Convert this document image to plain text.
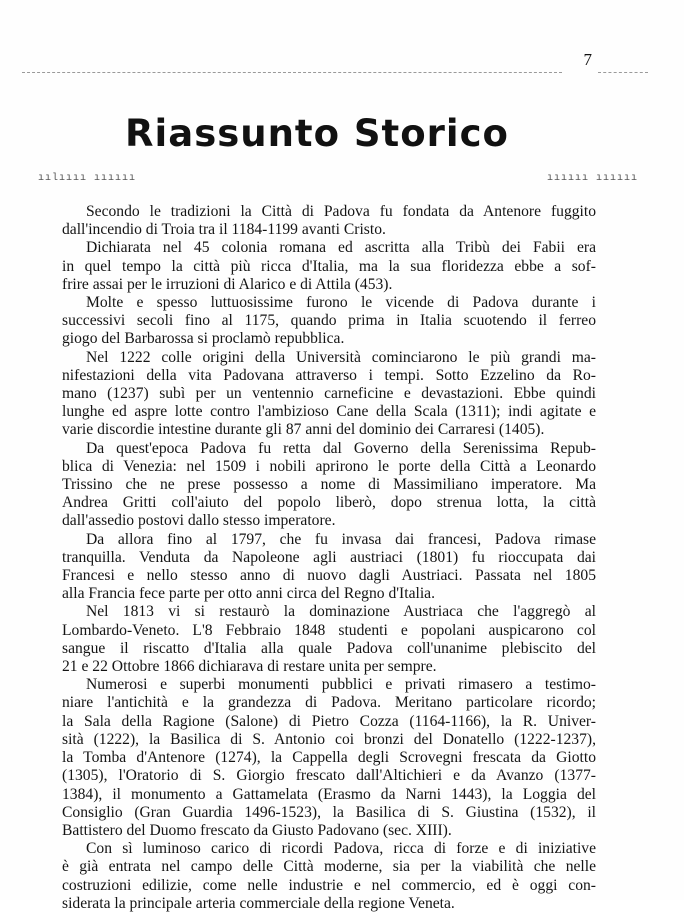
7
Riassunto Storico
ıılıııı ıııııı	ıııııı ıııııı
Secondo le tradizioni la Città di Padova fu fondata da Antenore fuggito
dall'incendio di Troia tra il 1184-1199 avanti Cristo.
Dichiarata nel 45 colonia romana ed ascritta alla Tribù dei Fabii era
in quel tempo la città più ricca d'Italia, ma la sua floridezza ebbe a sof-
frire assai per le irruzioni di Alarico e di Attila (453).
Molte e spesso luttuosissime furono le vicende di Padova durante i
successivi secoli fino al 1175, quando prima in Italia scuotendo il ferreo
giogo del Barbarossa si proclamò repubblica.
Nel 1222 colle origini della Università cominciarono le più grandi ma-
nifestazioni della vita Padovana attraverso i tempi. Sotto Ezzelino da Ro-
mano (1237) subì per un ventennio carneficine e devastazioni. Ebbe quindi
lunghe ed aspre lotte contro l'ambizioso Cane della Scala (1311); indi agitate e
varie discordie intestine durante gli 87 anni del dominio dei Carraresi (1405).
Da quest'epoca Padova fu retta dal Governo della Serenissima Repub-
blica di Venezia: nel 1509 i nobili aprirono le porte della Città a Leonardo
Trissino che ne prese possesso a nome di Massimiliano imperatore. Ma
Andrea Gritti coll'aiuto del popolo liberò, dopo strenua lotta, la città
dall'assedio postovi dallo stesso imperatore.
Da allora fino al 1797, che fu invasa dai francesi, Padova rimase
tranquilla. Venduta da Napoleone agli austriaci (1801) fu rioccupata dai
Francesi e nello stesso anno di nuovo dagli Austriaci. Passata nel 1805
alla Francia fece parte per otto anni circa del Regno d'Italia.
Nel 1813 vi si restaurò la dominazione Austriaca che l'aggregò al
Lombardo-Veneto. L'8 Febbraio 1848 studenti e popolani auspicarono col
sangue il riscatto d'Italia alla quale Padova coll'unanime plebiscito del
21 e 22 Ottobre 1866 dichiarava di restare unita per sempre.
Numerosi e superbi monumenti pubblici e privati rimasero a testimo-
niare l'antichità e la grandezza di Padova. Meritano particolare ricordo;
la Sala della Ragione (Salone) di Pietro Cozza (1164-1166), la R. Univer-
sità (1222), la Basilica di S. Antonio coi bronzi del Donatello (1222-1237),
la Tomba d'Antenore (1274), la Cappella degli Scrovegni frescata da Giotto
(1305), l'Oratorio di S. Giorgio frescato dall'Altichieri e da Avanzo (1377-
1384), il monumento a Gattamelata (Erasmo da Narni 1443), la Loggia del
Consiglio (Gran Guardia 1496-1523), la Basilica di S. Giustina (1532), il
Battistero del Duomo frescato da Giusto Padovano (sec. XIII).
Con sì luminoso carico di ricordi Padova, ricca di forze e di iniziative
è già entrata nel campo delle Città moderne, sia per la viabilità che nelle
costruzioni edilizie, come nelle industrie e nel commercio, ed è oggi con-
siderata la principale arteria commerciale della regione Veneta.
